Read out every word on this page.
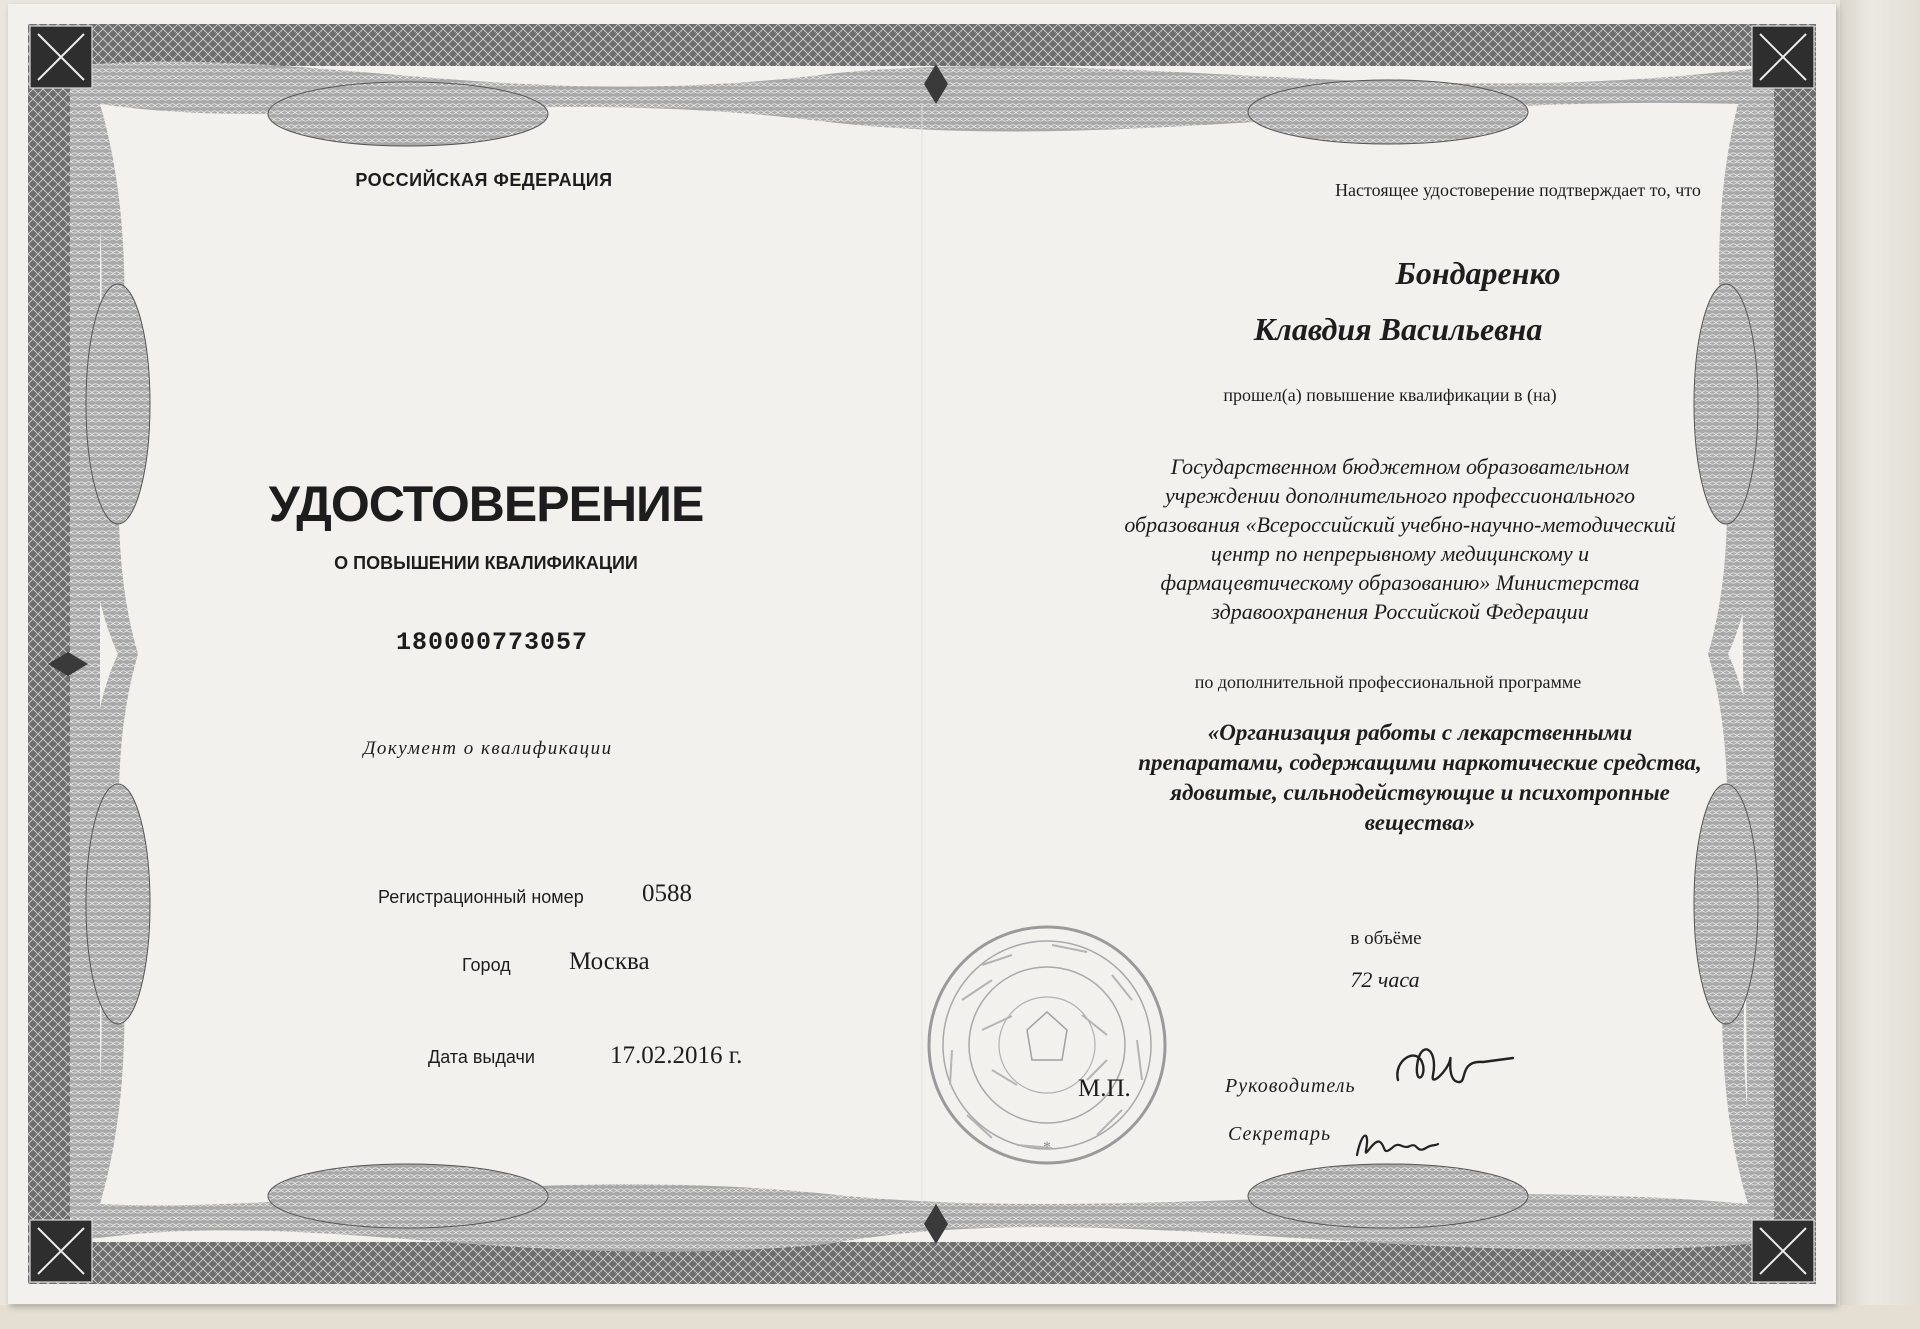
*
РОССИЙСКАЯ ФЕДЕРАЦИЯ
УДОСТОВЕРЕНИЕ
О ПОВЫШЕНИИ КВАЛИФИКАЦИИ
180000773057
Документ о квалификации
Регистрационный номер 0588
Город Москва
Дата выдачи	17.02.2016 г.
Настоящее удостоверение подтверждает то, что
Бондаренко
Клавдия Васильевна
прошел(а) повышение квалификации в (на)
Государственном бюджетном образовательном
учреждении дополнительного профессионального
образования «Всероссийский учебно-научно-методический
центр по непрерывному медицинскому и
фармацевтическому образованию» Министерства
здравоохранения Российской Федерации
по дополнительной профессиональной программе
«Организация работы с лекарственными
препаратами, содержащими наркотические средства,
ядовитые, сильнодействующие и психотропные
вещества»
в объёме
72 часа
М.П.	Руководитель
Секретарь
